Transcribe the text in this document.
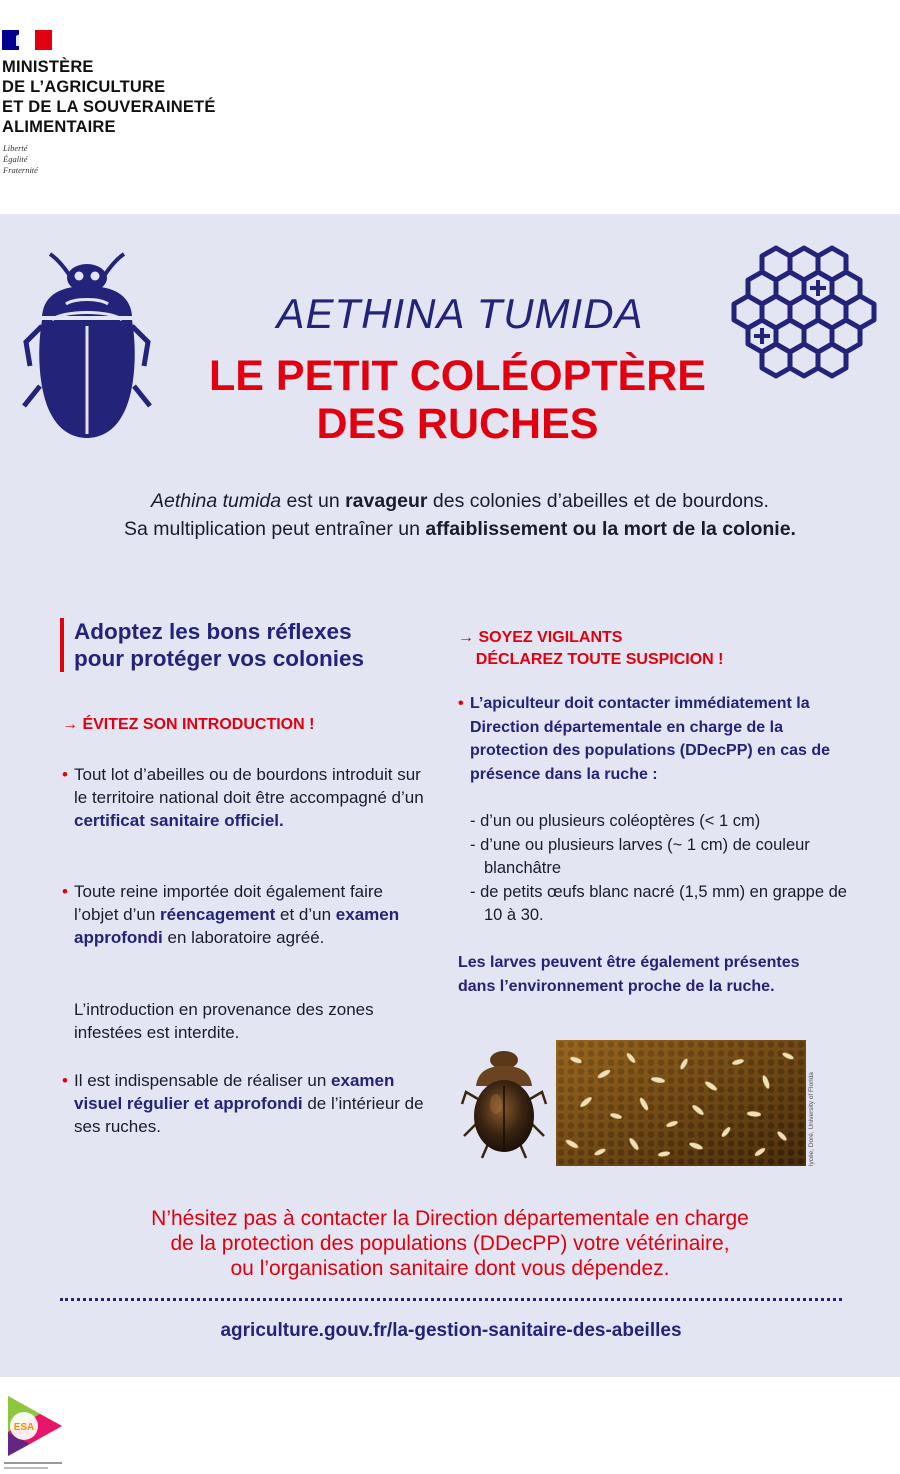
MINISTÈRE
DE L’AGRICULTURE
ET DE LA SOUVERAINETÉ
ALIMENTAIRE
Liberté
Égalité
Fraternité
AETHINA TUMIDA
LE PETIT COLÉOPTÈRE
DES RUCHES
Aethina tumida est un ravageur des colonies d’abeilles et de bourdons.
Sa multiplication peut entraîner un affaiblissement ou la mort de la colonie.
Adoptez les bons réflexes
pour protéger vos colonies
→ ÉVITEZ SON INTRODUCTION !
• Tout lot d’abeilles ou de bourdons introduit sur le territoire national doit être accompagné d’un certificat sanitaire officiel.
• Toute reine importée doit également faire l’objet d’un réencagement et d’un examen approfondi en laboratoire agréé.
L’introduction en provenance des zones infestées est interdite.
• Il est indispensable de réaliser un examen visuel régulier et approfondi de l’intérieur de ses ruches.
→ SOYEZ VIGILANTS
DÉCLAREZ TOUTE SUSPICION !
• L’apiculteur doit contacter immédiatement la Direction départementale en charge de la protection des populations (DDecPP) en cas de présence dans la ruche :
- d’un ou plusieurs coléoptères (< 1 cm)
- d’une ou plusieurs larves (~ 1 cm) de couleur blanchâtre
- de petits œufs blanc nacré (1,5 mm) en grappe de 10 à 30.
Les larves peuvent être également présentes dans l’environnement proche de la ruche.
lycée, Doré, University of Florida
N’hésitez pas à contacter la Direction départementale en charge
de la protection des populations (DDecPP) votre vétérinaire,
ou l’organisation sanitaire dont vous dépendez.
agriculture.gouv.fr/la-gestion-sanitaire-des-abeilles
ESA
